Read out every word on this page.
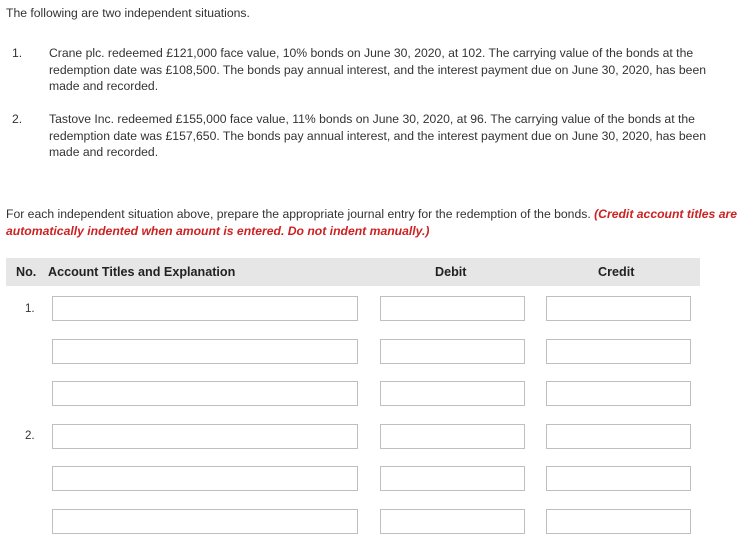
The following are two independent situations.
1. Crane plc. redeemed £121,000 face value, 10% bonds on June 30, 2020, at 102. The carrying value of the bonds at the redemption date was £108,500. The bonds pay annual interest, and the interest payment due on June 30, 2020, has been made and recorded.
2. Tastove Inc. redeemed £155,000 face value, 11% bonds on June 30, 2020, at 96. The carrying value of the bonds at the redemption date was £157,650. The bonds pay annual interest, and the interest payment due on June 30, 2020, has been made and recorded.
For each independent situation above, prepare the appropriate journal entry for the redemption of the bonds. (Credit account titles are automatically indented when amount is entered. Do not indent manually.)
No. Account Titles and Explanation	Debit	Credit
1.
2.
